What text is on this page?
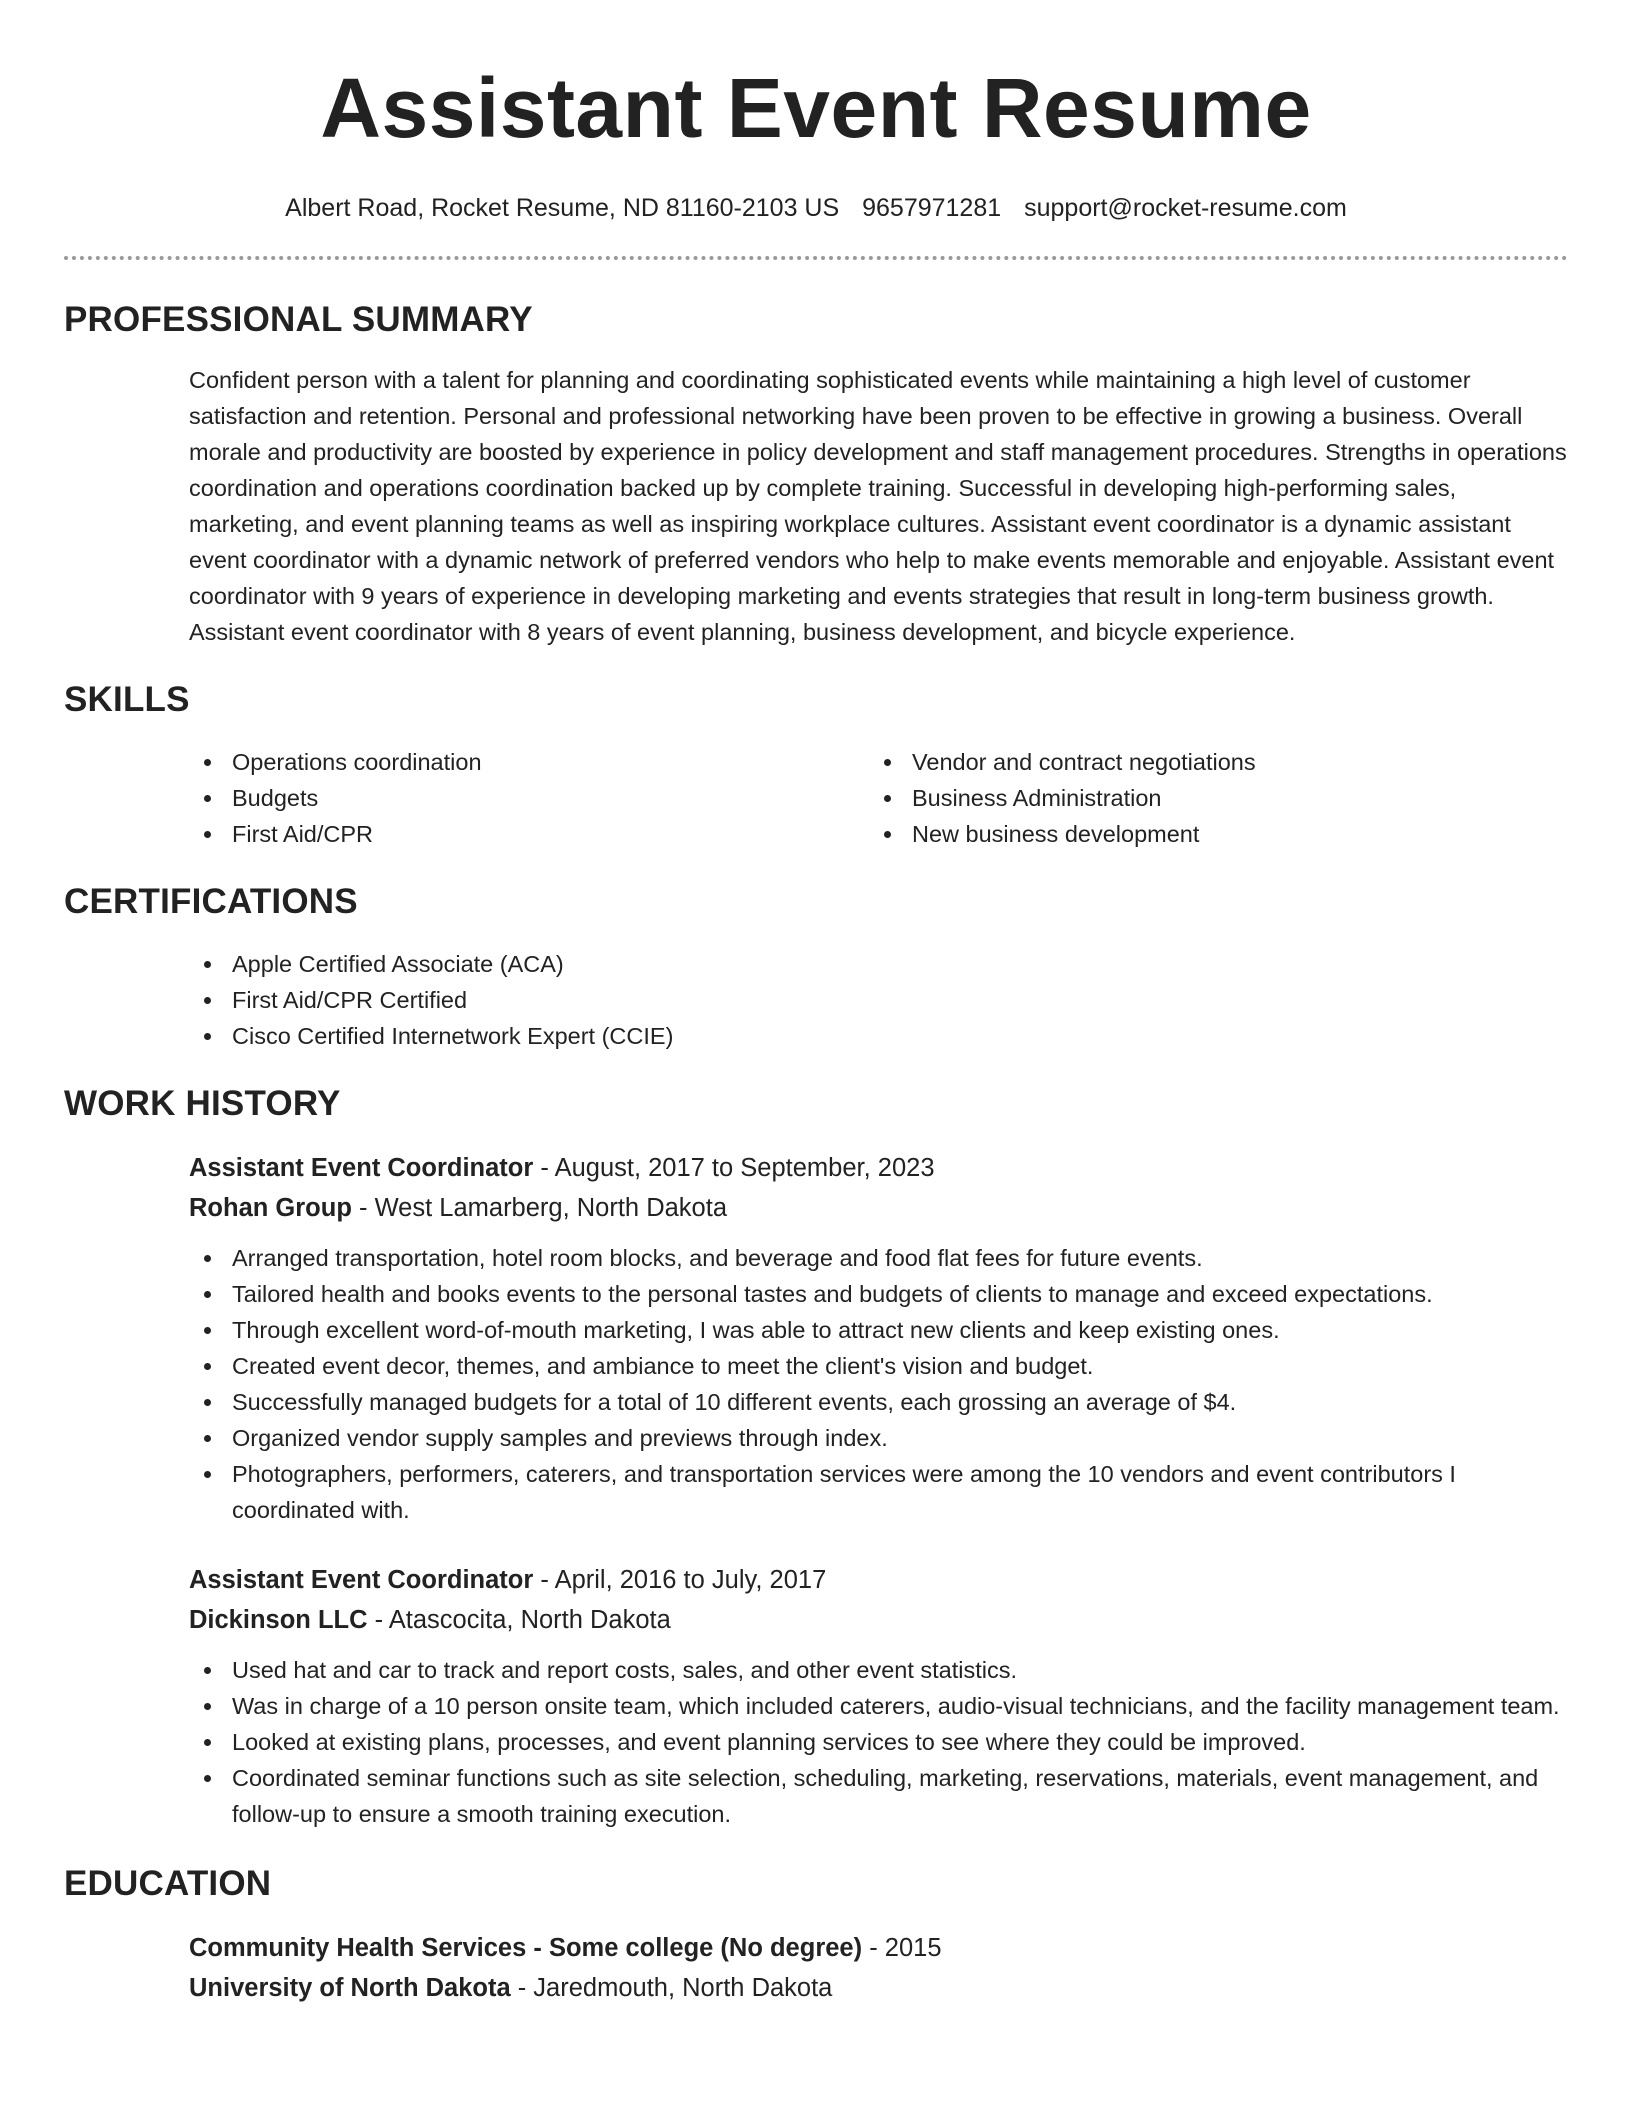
Assistant Event Resume
Albert Road, Rocket Resume, ND 81160-2103 US 9657971281 support@rocket-resume.com
PROFESSIONAL SUMMARY
Confident person with a talent for planning and coordinating sophisticated events while maintaining a high level of customer satisfaction and retention. Personal and professional networking have been proven to be effective in growing a business. Overall morale and productivity are boosted by experience in policy development and staff management procedures. Strengths in operations coordination and operations coordination backed up by complete training. Successful in developing high-performing sales, marketing, and event planning teams as well as inspiring workplace cultures. Assistant event coordinator is a dynamic assistant event coordinator with a dynamic network of preferred vendors who help to make events memorable and enjoyable. Assistant event coordinator with 9 years of experience in developing marketing and events strategies that result in long-term business growth. Assistant event coordinator with 8 years of event planning, business development, and bicycle experience.
SKILLS
Operations coordination
Budgets
First Aid/CPR
Vendor and contract negotiations
Business Administration
New business development
CERTIFICATIONS
Apple Certified Associate (ACA)
First Aid/CPR Certified
Cisco Certified Internetwork Expert (CCIE)
WORK HISTORY
Assistant Event Coordinator - August, 2017 to September, 2023
Rohan Group - West Lamarberg, North Dakota
Arranged transportation, hotel room blocks, and beverage and food flat fees for future events.
Tailored health and books events to the personal tastes and budgets of clients to manage and exceed expectations.
Through excellent word-of-mouth marketing, I was able to attract new clients and keep existing ones.
Created event decor, themes, and ambiance to meet the client's vision and budget.
Successfully managed budgets for a total of 10 different events, each grossing an average of $4.
Organized vendor supply samples and previews through index.
Photographers, performers, caterers, and transportation services were among the 10 vendors and event contributors I coordinated with.
Assistant Event Coordinator - April, 2016 to July, 2017
Dickinson LLC - Atascocita, North Dakota
Used hat and car to track and report costs, sales, and other event statistics.
Was in charge of a 10 person onsite team, which included caterers, audio-visual technicians, and the facility management team.
Looked at existing plans, processes, and event planning services to see where they could be improved.
Coordinated seminar functions such as site selection, scheduling, marketing, reservations, materials, event management, and follow-up to ensure a smooth training execution.
EDUCATION
Community Health Services - Some college (No degree) - 2015
University of North Dakota - Jaredmouth, North Dakota
